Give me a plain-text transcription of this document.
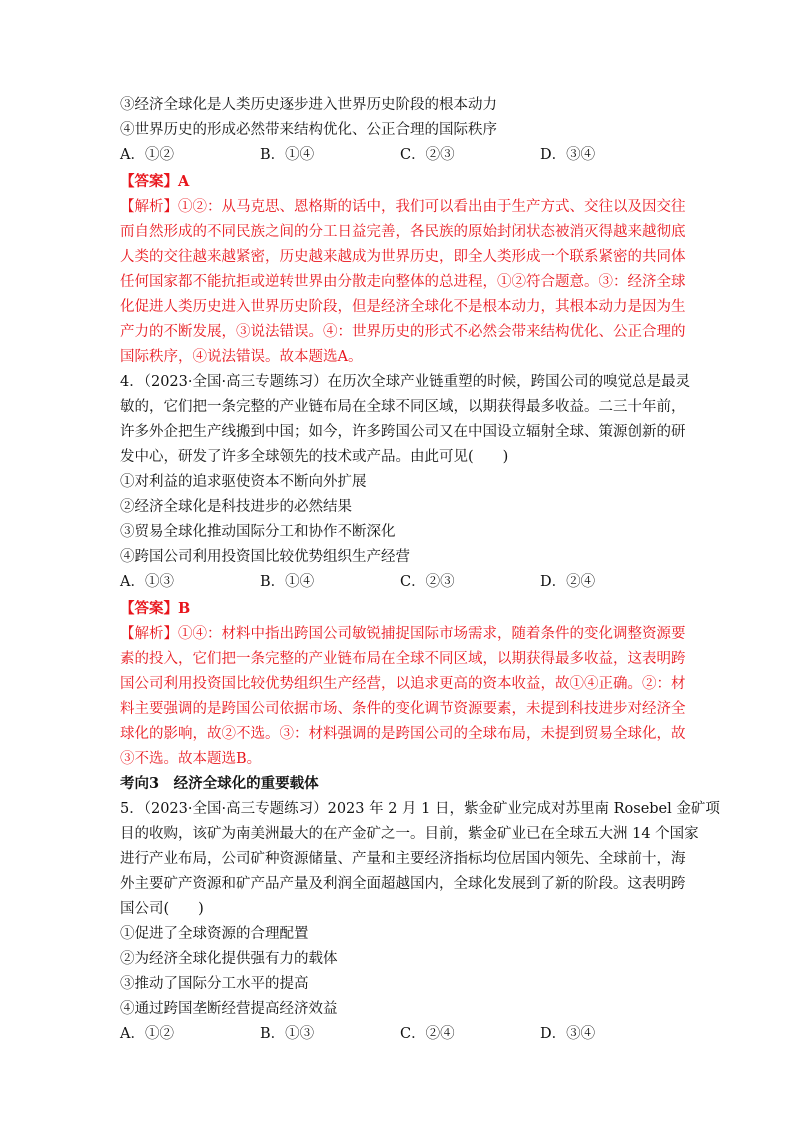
③经济全球化是人类历史逐步进入世界历史阶段的根本动力
④世界历史的形成必然带来结构优化、公正合理的国际秩序
A．①②	B．①④	C．②③	D．③④
【答案】A
【解析】①②：从马克思、恩格斯的话中，我们可以看出由于生产方式、交往以及因交往
而自然形成的不同民族之间的分工日益完善，各民族的原始封闭状态被消灭得越来越彻底
人类的交往越来越紧密，历史越来越成为世界历史，即全人类形成一个联系紧密的共同体
任何国家都不能抗拒或逆转世界由分散走向整体的总进程，①②符合题意。③：经济全球
化促进人类历史进入世界历史阶段，但是经济全球化不是根本动力，其根本动力是因为生
产力的不断发展，③说法错误。④：世界历史的形式不必然会带来结构优化、公正合理的
国际秩序，④说法错误。故本题选A。
4．（2023·全国·高三专题练习）在历次全球产业链重塑的时候，跨国公司的嗅觉总是最灵
敏的，它们把一条完整的产业链布局在全球不同区域，以期获得最多收益。二三十年前，
许多外企把生产线搬到中国；如今，许多跨国公司又在中国设立辐射全球、策源创新的研
发中心，研发了许多全球领先的技术或产品。由此可见(　　)
①对利益的追求驱使资本不断向外扩展
②经济全球化是科技进步的必然结果
③贸易全球化推动国际分工和协作不断深化
④跨国公司利用投资国比较优势组织生产经营
A．①③	B．①④	C．②③	D．②④
【答案】B
【解析】①④：材料中指出跨国公司敏锐捕捉国际市场需求，随着条件的变化调整资源要
素的投入，它们把一条完整的产业链布局在全球不同区域，以期获得最多收益，这表明跨
国公司利用投资国比较优势组织生产经营，以追求更高的资本收益，故①④正确。②：材
料主要强调的是跨国公司依据市场、条件的变化调节资源要素，未提到科技进步对经济全
球化的影响，故②不选。③：材料强调的是跨国公司的全球布局，未提到贸易全球化，故
③不选。故本题选B。
考向3　经济全球化的重要载体
5．（2023·全国·高三专题练习）2023 年 2 月 1 日，紫金矿业完成对苏里南 Rosebel 金矿项
目的收购，该矿为南美洲最大的在产金矿之一。目前，紫金矿业已在全球五大洲 14 个国家
进行产业布局，公司矿种资源储量、产量和主要经济指标均位居国内领先、全球前十，海
外主要矿产资源和矿产品产量及利润全面超越国内，全球化发展到了新的阶段。这表明跨
国公司(　　)
①促进了全球资源的合理配置
②为经济全球化提供强有力的载体
③推动了国际分工水平的提高
④通过跨国垄断经营提高经济效益
A．①②	B．①③	C．②④	D．③④
